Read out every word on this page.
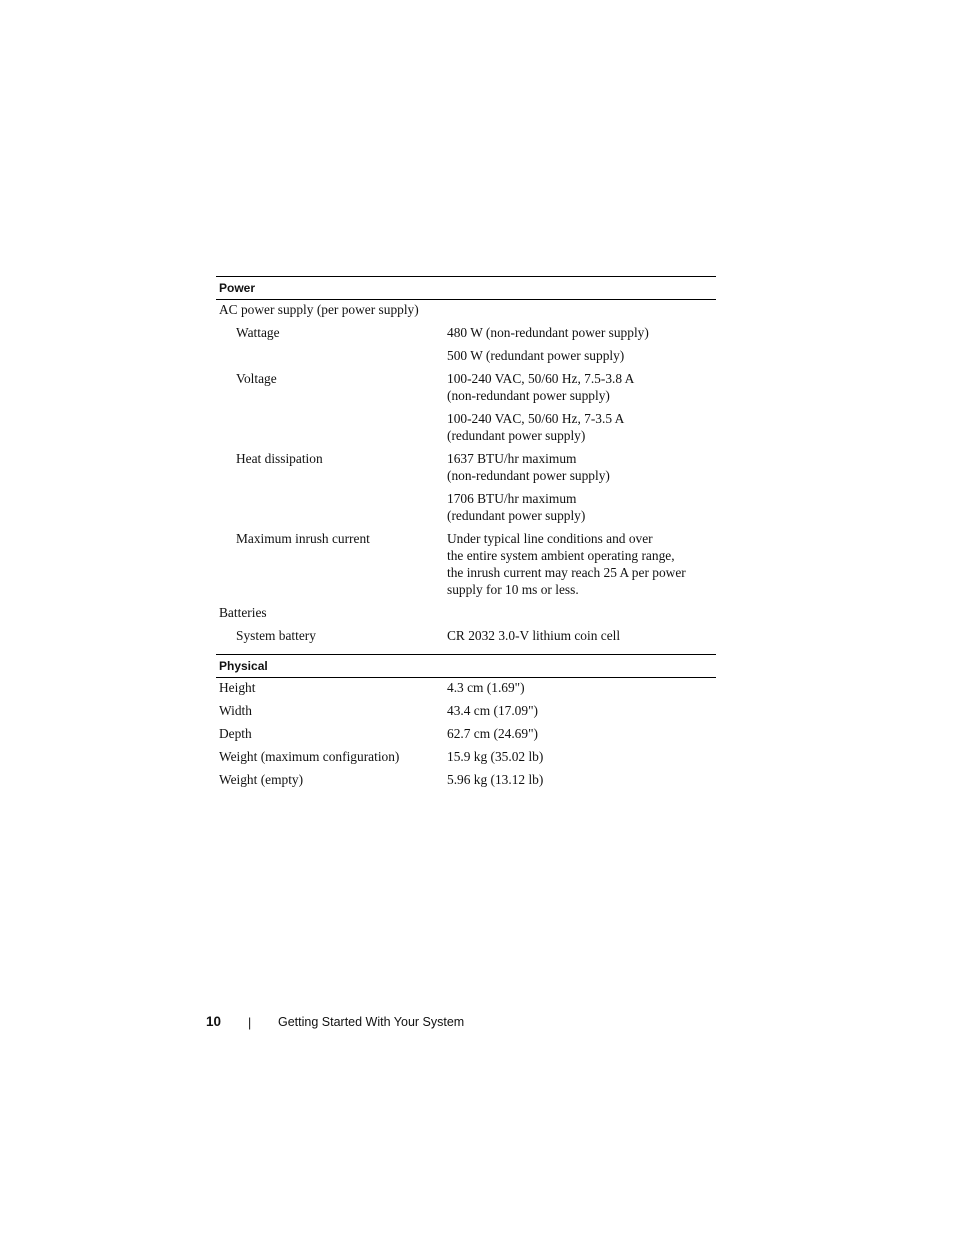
Power
AC power supply (per power supply)
Wattage	480 W (non-redundant power supply)
500 W (redundant power supply)
Voltage	100-240 VAC, 50/60 Hz, 7.5-3.8 A
(non-redundant power supply)
100-240 VAC, 50/60 Hz, 7-3.5 A
(redundant power supply)
Heat dissipation	1637 BTU/hr maximum
(non-redundant power supply)
1706 BTU/hr maximum
(redundant power supply)
Maximum inrush current	Under typical line conditions and over
the entire system ambient operating range,
the inrush current may reach 25 A per power
supply for 10 ms or less.
Batteries
System battery	CR 2032 3.0-V lithium coin cell
Physical
Height	4.3 cm (1.69")
Width	43.4 cm (17.09")
Depth	62.7 cm (24.69")
Weight (maximum configuration)	15.9 kg (35.02 lb)
Weight (empty)	5.96 kg (13.12 lb)
10 | Getting Started With Your System
